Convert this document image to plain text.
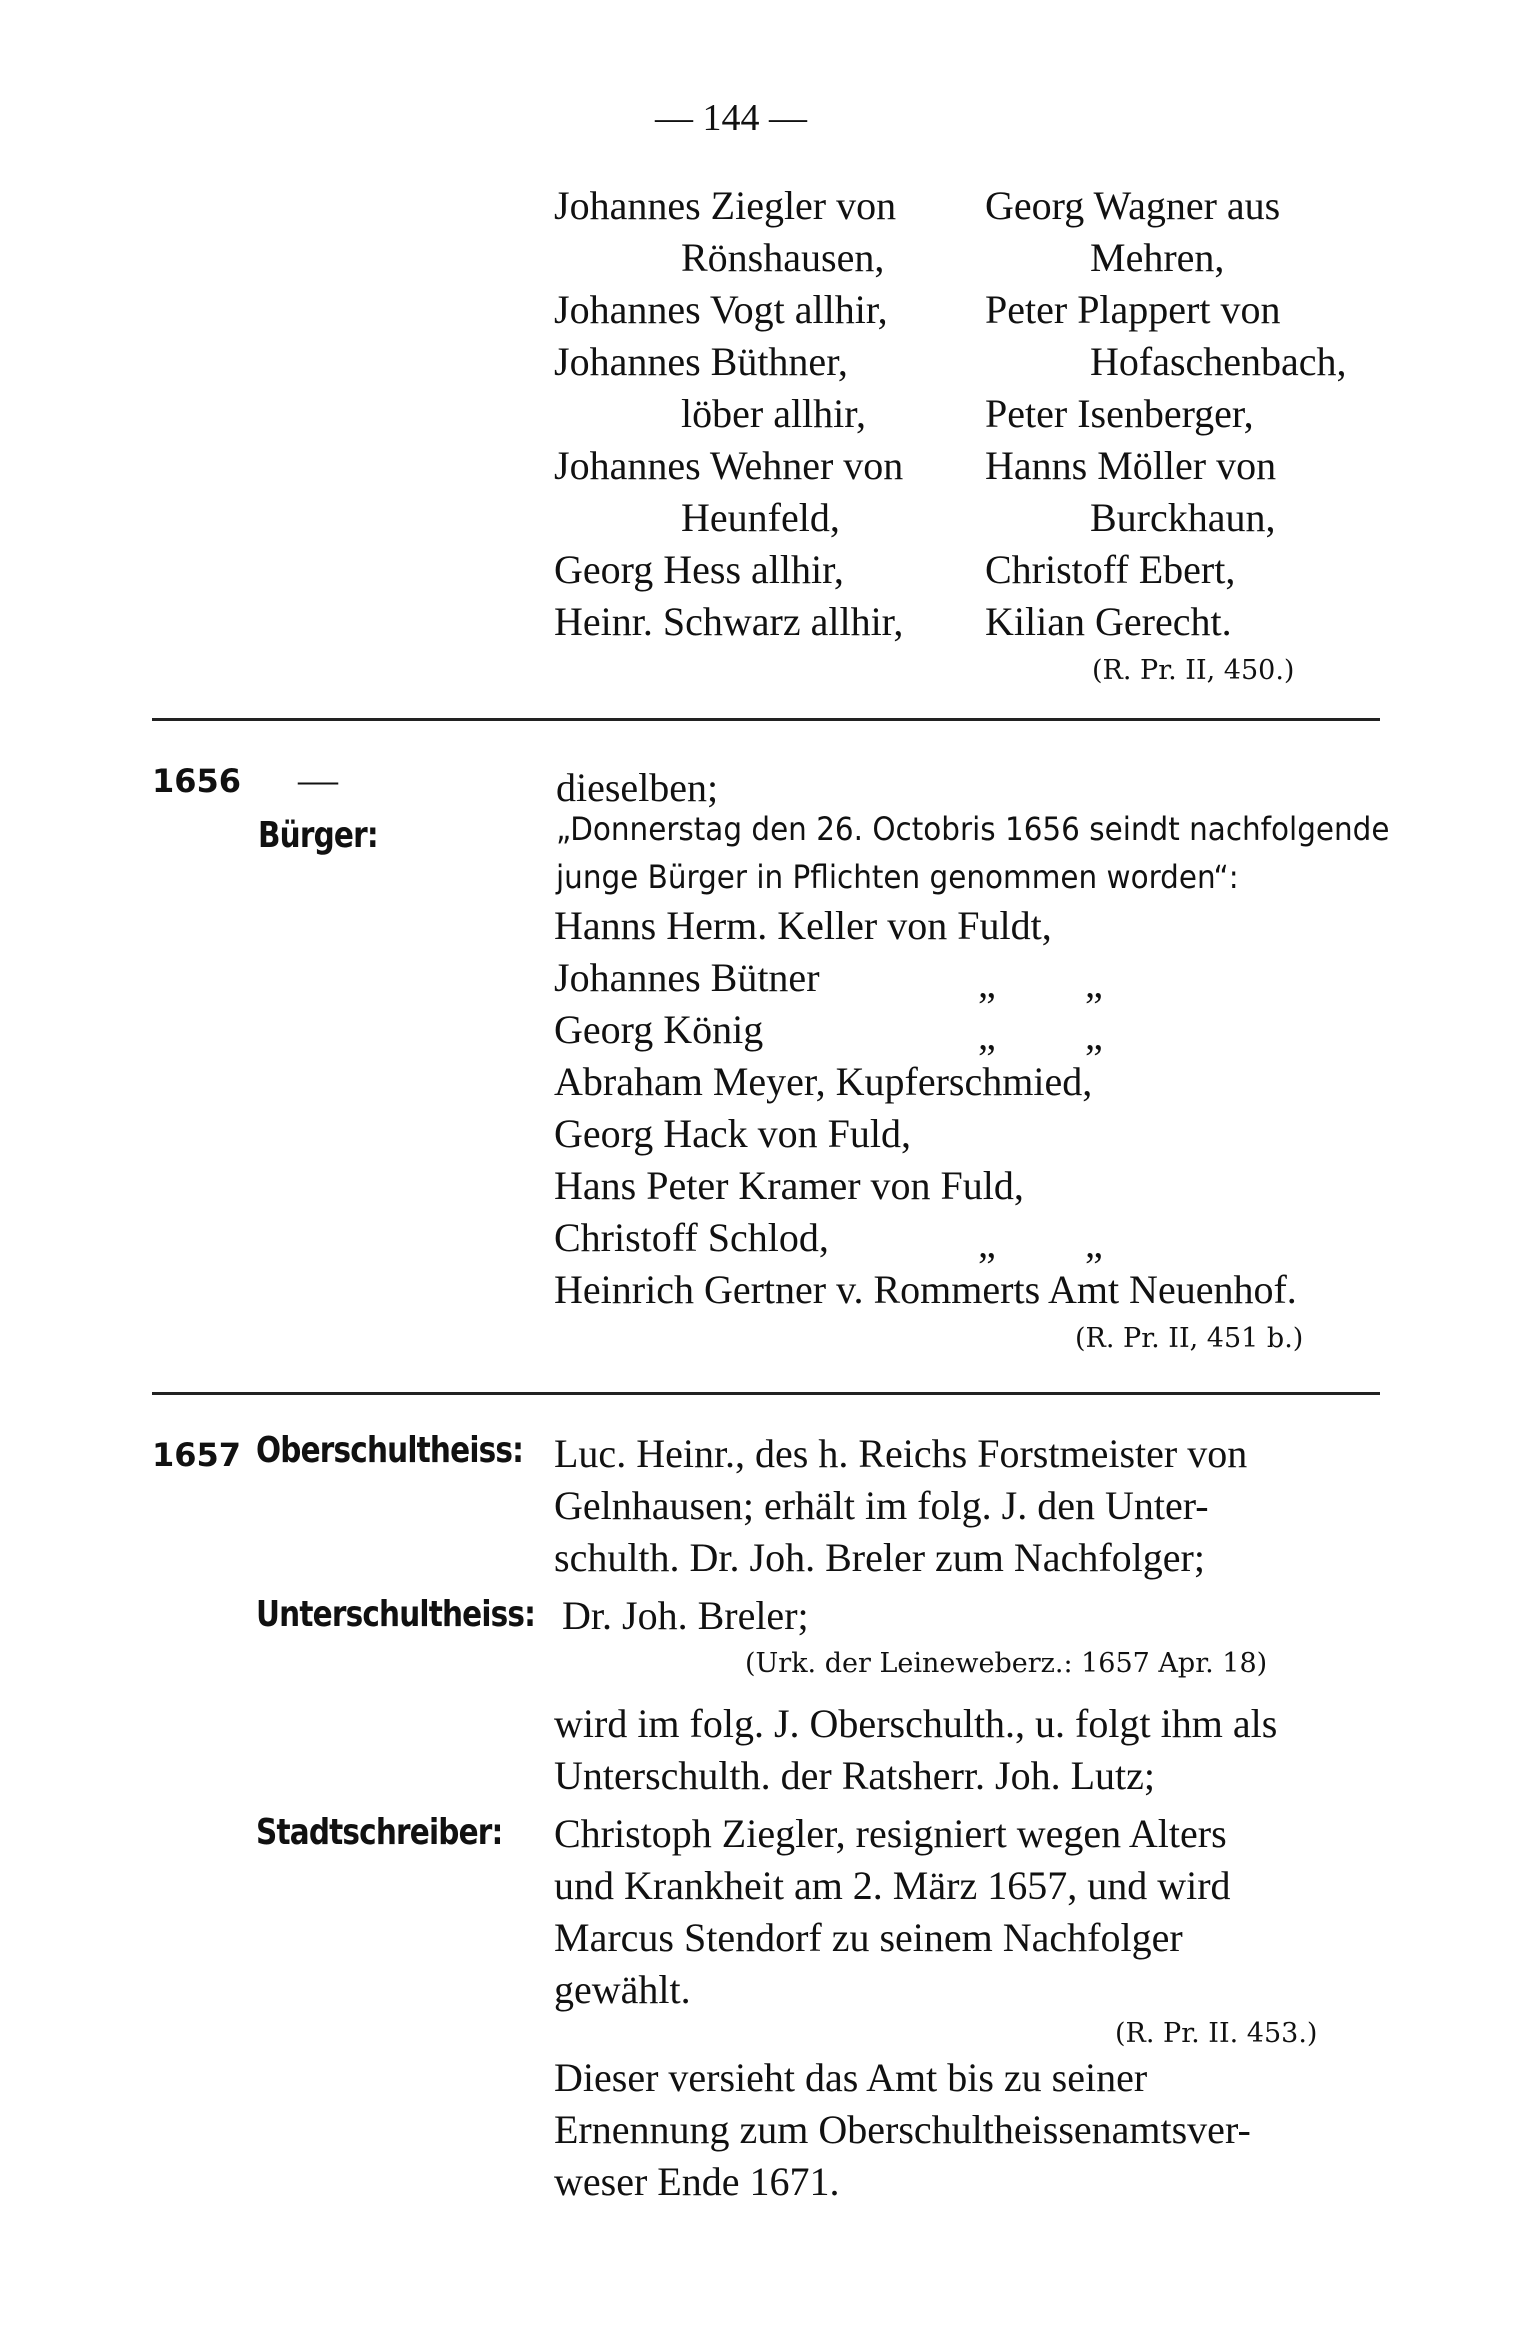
— 144 —
Johannes Ziegler von
Rönshausen,
Johannes Vogt allhir,
Johannes Büthner,
löber allhir,
Johannes Wehner von
Heunfeld,
Georg Hess allhir,
Heinr. Schwarz allhir,
Georg Wagner aus
Mehren,
Peter Plappert von
Hofaschenbach,
Peter Isenberger,
Hanns Möller von
Burckhaun,
Christoff Ebert,
Kilian Gerecht.
(R. Pr. II, 450.)
1656 —
Bürger:
dieselben;
„Donnerstag den 26. Octobris 1656 seindt nachfolgende
junge Bürger in Pflichten genommen worden“:
Hanns Herm. Keller von Fuldt,
Johannes Bütner
Georg König
Abraham Meyer, Kupferschmied,
Georg Hack von Fuld,
Hans Peter Kramer von Fuld,
Christoff Schlod,
Heinrich Gertner v. Rommerts Amt Neuenhof.
„ „
„ „
„ „
(R. Pr. II, 451 b.)
1657 Oberschultheiss: Luc. Heinr., des h. Reichs Forstmeister von
Gelnhausen; erhält im folg. J. den Unter-
schulth. Dr. Joh. Breler zum Nachfolger;
Unterschultheiss: Dr. Joh. Breler;
(Urk. der Leineweberz.: 1657 Apr. 18)
wird im folg. J. Oberschulth., u. folgt ihm als
Unterschulth. der Ratsherr. Joh. Lutz;
Stadtschreiber: Christoph Ziegler, resigniert wegen Alters
und Krankheit am 2. März 1657, und wird
Marcus Stendorf zu seinem Nachfolger
gewählt.
(R. Pr. II. 453.)
Dieser versieht das Amt bis zu seiner
Ernennung zum Oberschultheissenamtsver-
weser Ende 1671.
